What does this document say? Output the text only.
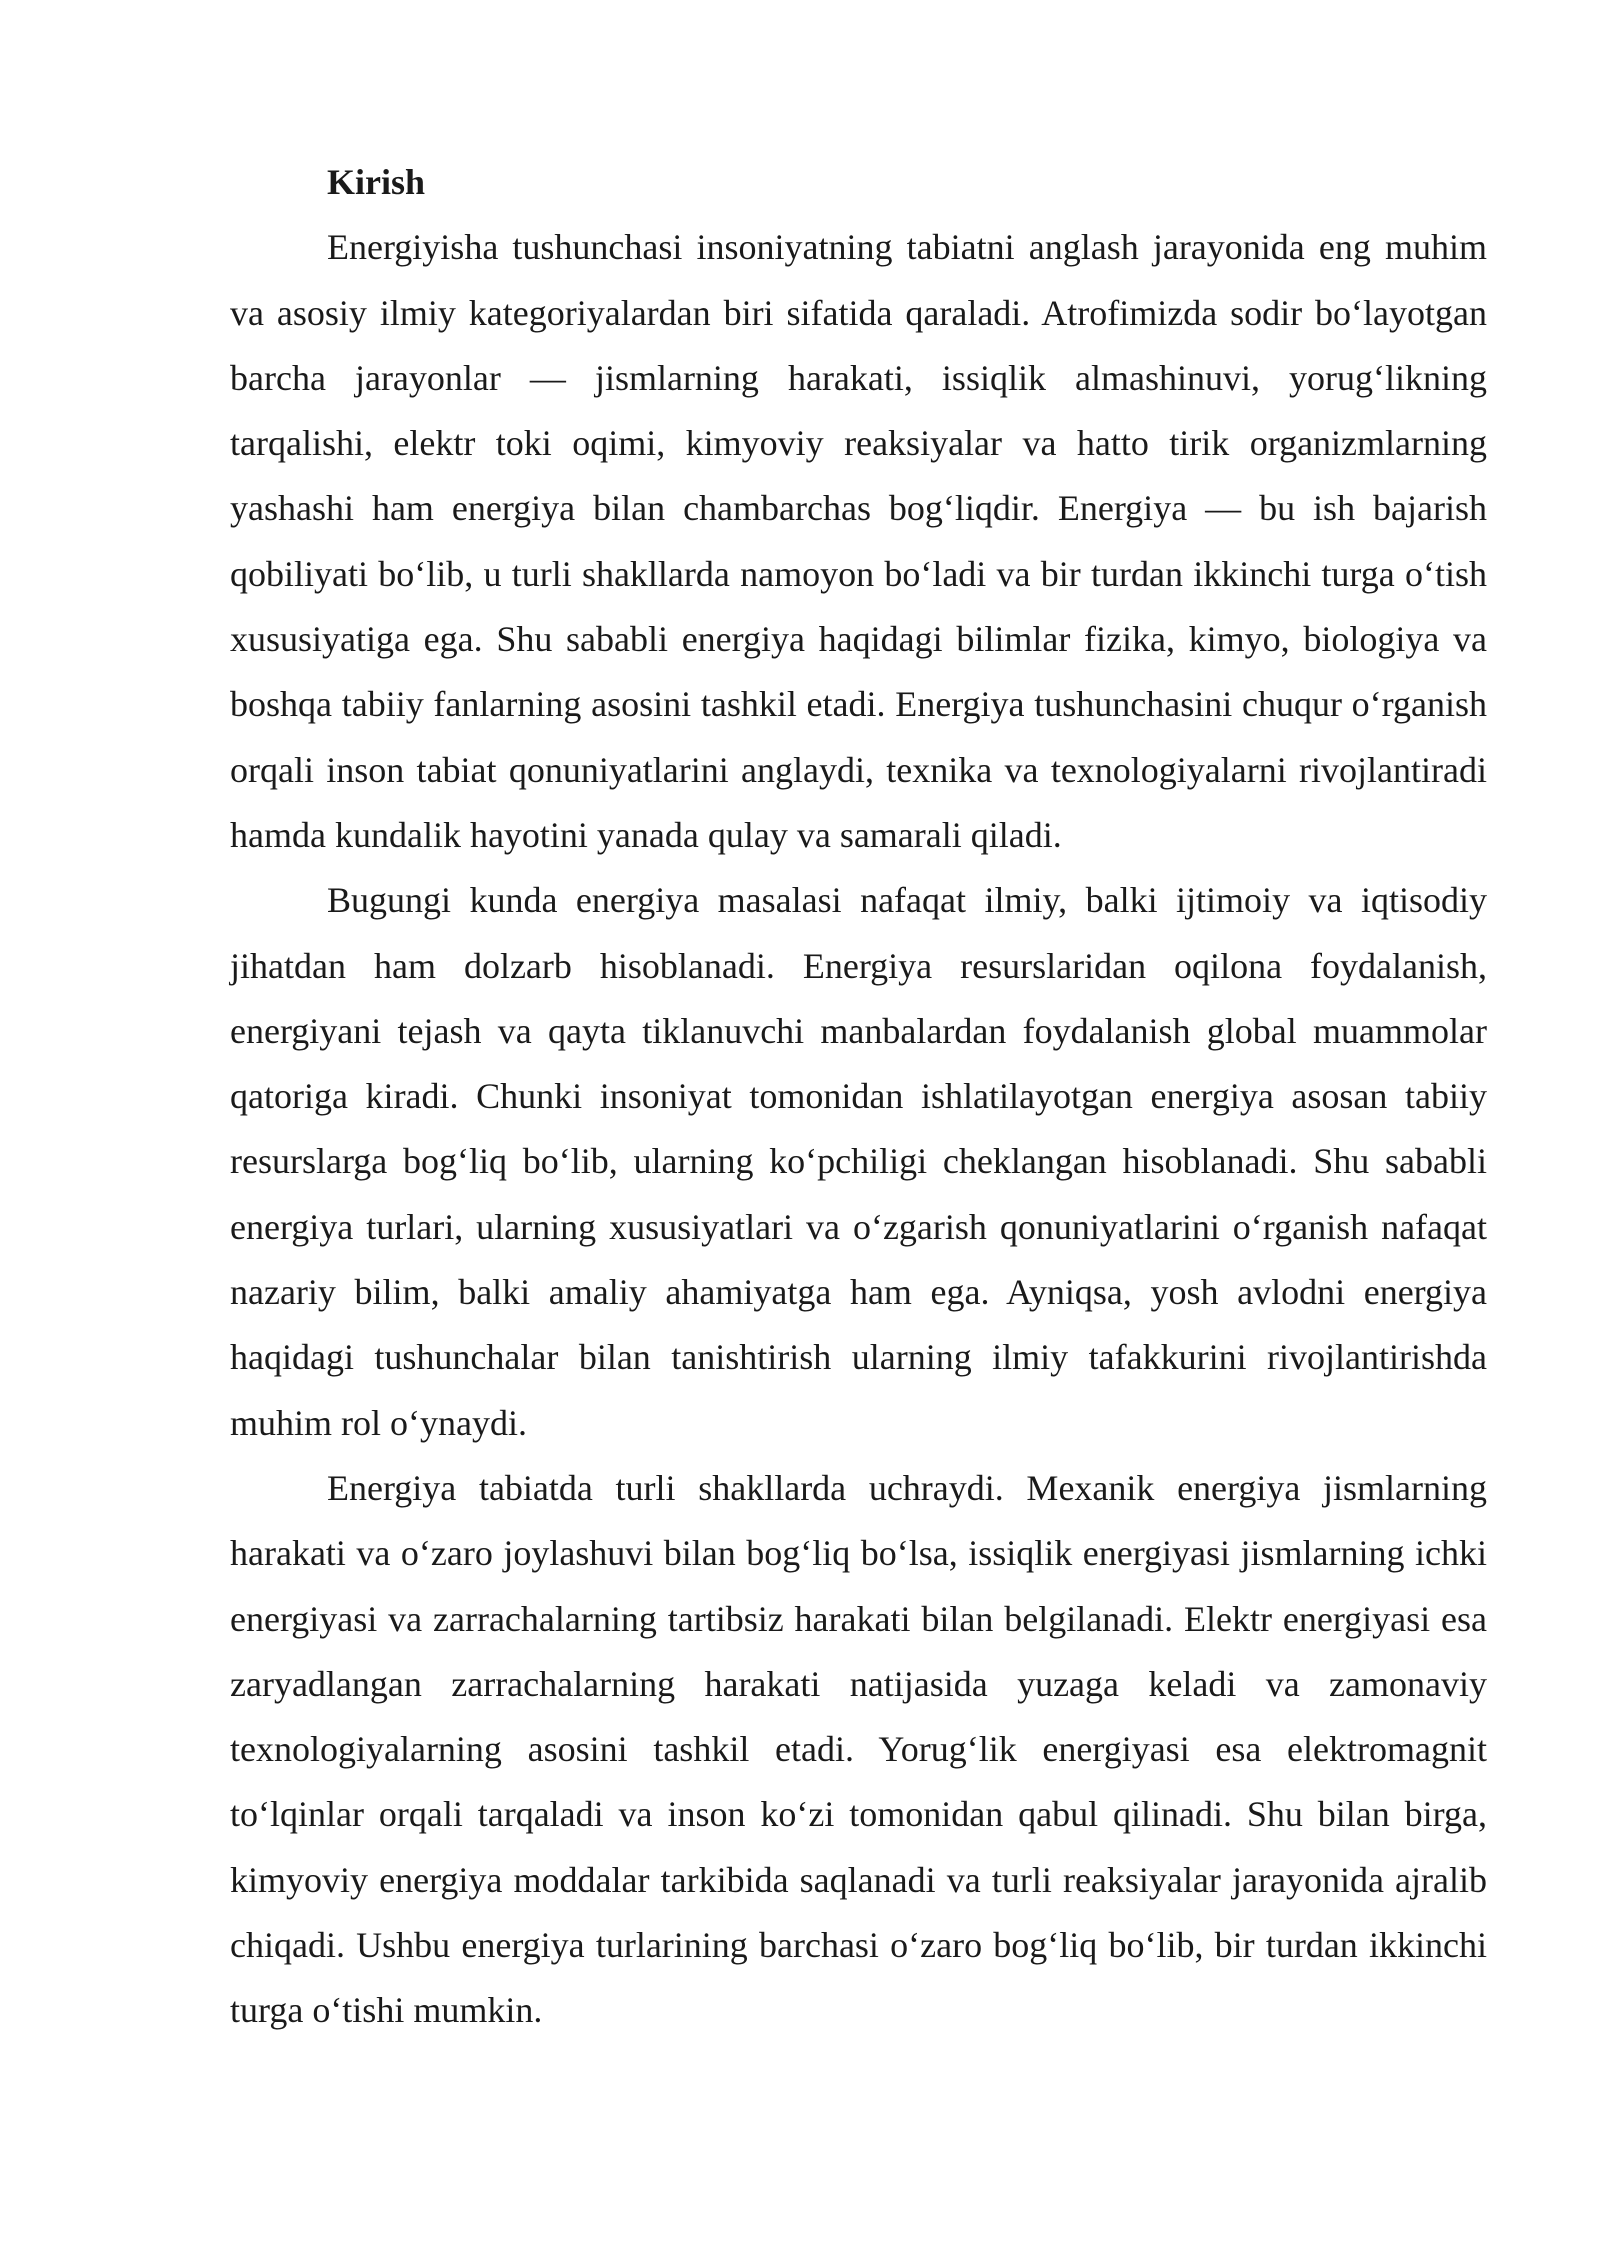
Kirish

Energiyisha tushunchasi insoniyatning tabiatni anglash jarayonida eng muhim va asosiy ilmiy kategoriyalardan biri sifatida qaraladi. Atrofimizda sodir bo‘layotgan barcha jarayonlar — jismlarning harakati, issiqlik almashinuvi, yorug‘likning tarqalishi, elektr toki oqimi, kimyoviy reaksiyalar va hatto tirik organizmlarning yashashi ham energiya bilan chambarchas bog‘liqdir. Energiya — bu ish bajarish qobiliyati bo‘lib, u turli shakllarda namoyon bo‘ladi va bir turdan ikkinchi turga o‘tish xususiyatiga ega. Shu sababli energiya haqidagi bilimlar fizika, kimyo, biologiya va boshqa tabiiy fanlarning asosini tashkil etadi. Energiya tushunchasini chuqur o‘rganish orqali inson tabiat qonuniyatlarini anglaydi, texnika va texnologiyalarni rivojlantiradi hamda kundalik hayotini yanada qulay va samarali qiladi.

Bugungi kunda energiya masalasi nafaqat ilmiy, balki ijtimoiy va iqtisodiy jihatdan ham dolzarb hisoblanadi. Energiya resurslaridan oqilona foydalanish, energiyani tejash va qayta tiklanuvchi manbalardan foydalanish global muammolar qatoriga kiradi. Chunki insoniyat tomonidan ishlatilayotgan energiya asosan tabiiy resurslarga bog‘liq bo‘lib, ularning ko‘pchiligi cheklangan hisoblanadi. Shu sababli energiya turlari, ularning xususiyatlari va o‘zgarish qonuniyatlarini o‘rganish nafaqat nazariy bilim, balki amaliy ahamiyatga ham ega. Ayniqsa, yosh avlodni energiya haqidagi tushunchalar bilan tanishtirish ularning ilmiy tafakkurini rivojlantirishda muhim rol o‘ynaydi.

Energiya tabiatda turli shakllarda uchraydi. Mexanik energiya jismlarning harakati va o‘zaro joylashuvi bilan bog‘liq bo‘lsa, issiqlik energiyasi jismlarning ichki energiyasi va zarrachalarning tartibsiz harakati bilan belgilanadi. Elektr energiyasi esa zaryadlangan zarrachalarning harakati natijasida yuzaga keladi va zamonaviy texnologiyalarning asosini tashkil etadi. Yorug‘lik energiyasi esa elektromagnit to‘lqinlar orqali tarqaladi va inson ko‘zi tomonidan qabul qilinadi. Shu bilan birga, kimyoviy energiya moddalar tarkibida saqlanadi va turli reaksiyalar jarayonida ajralib chiqadi. Ushbu energiya turlarining barchasi o‘zaro bog‘liq bo‘lib, bir turdan ikkinchi turga o‘tishi mumkin.
